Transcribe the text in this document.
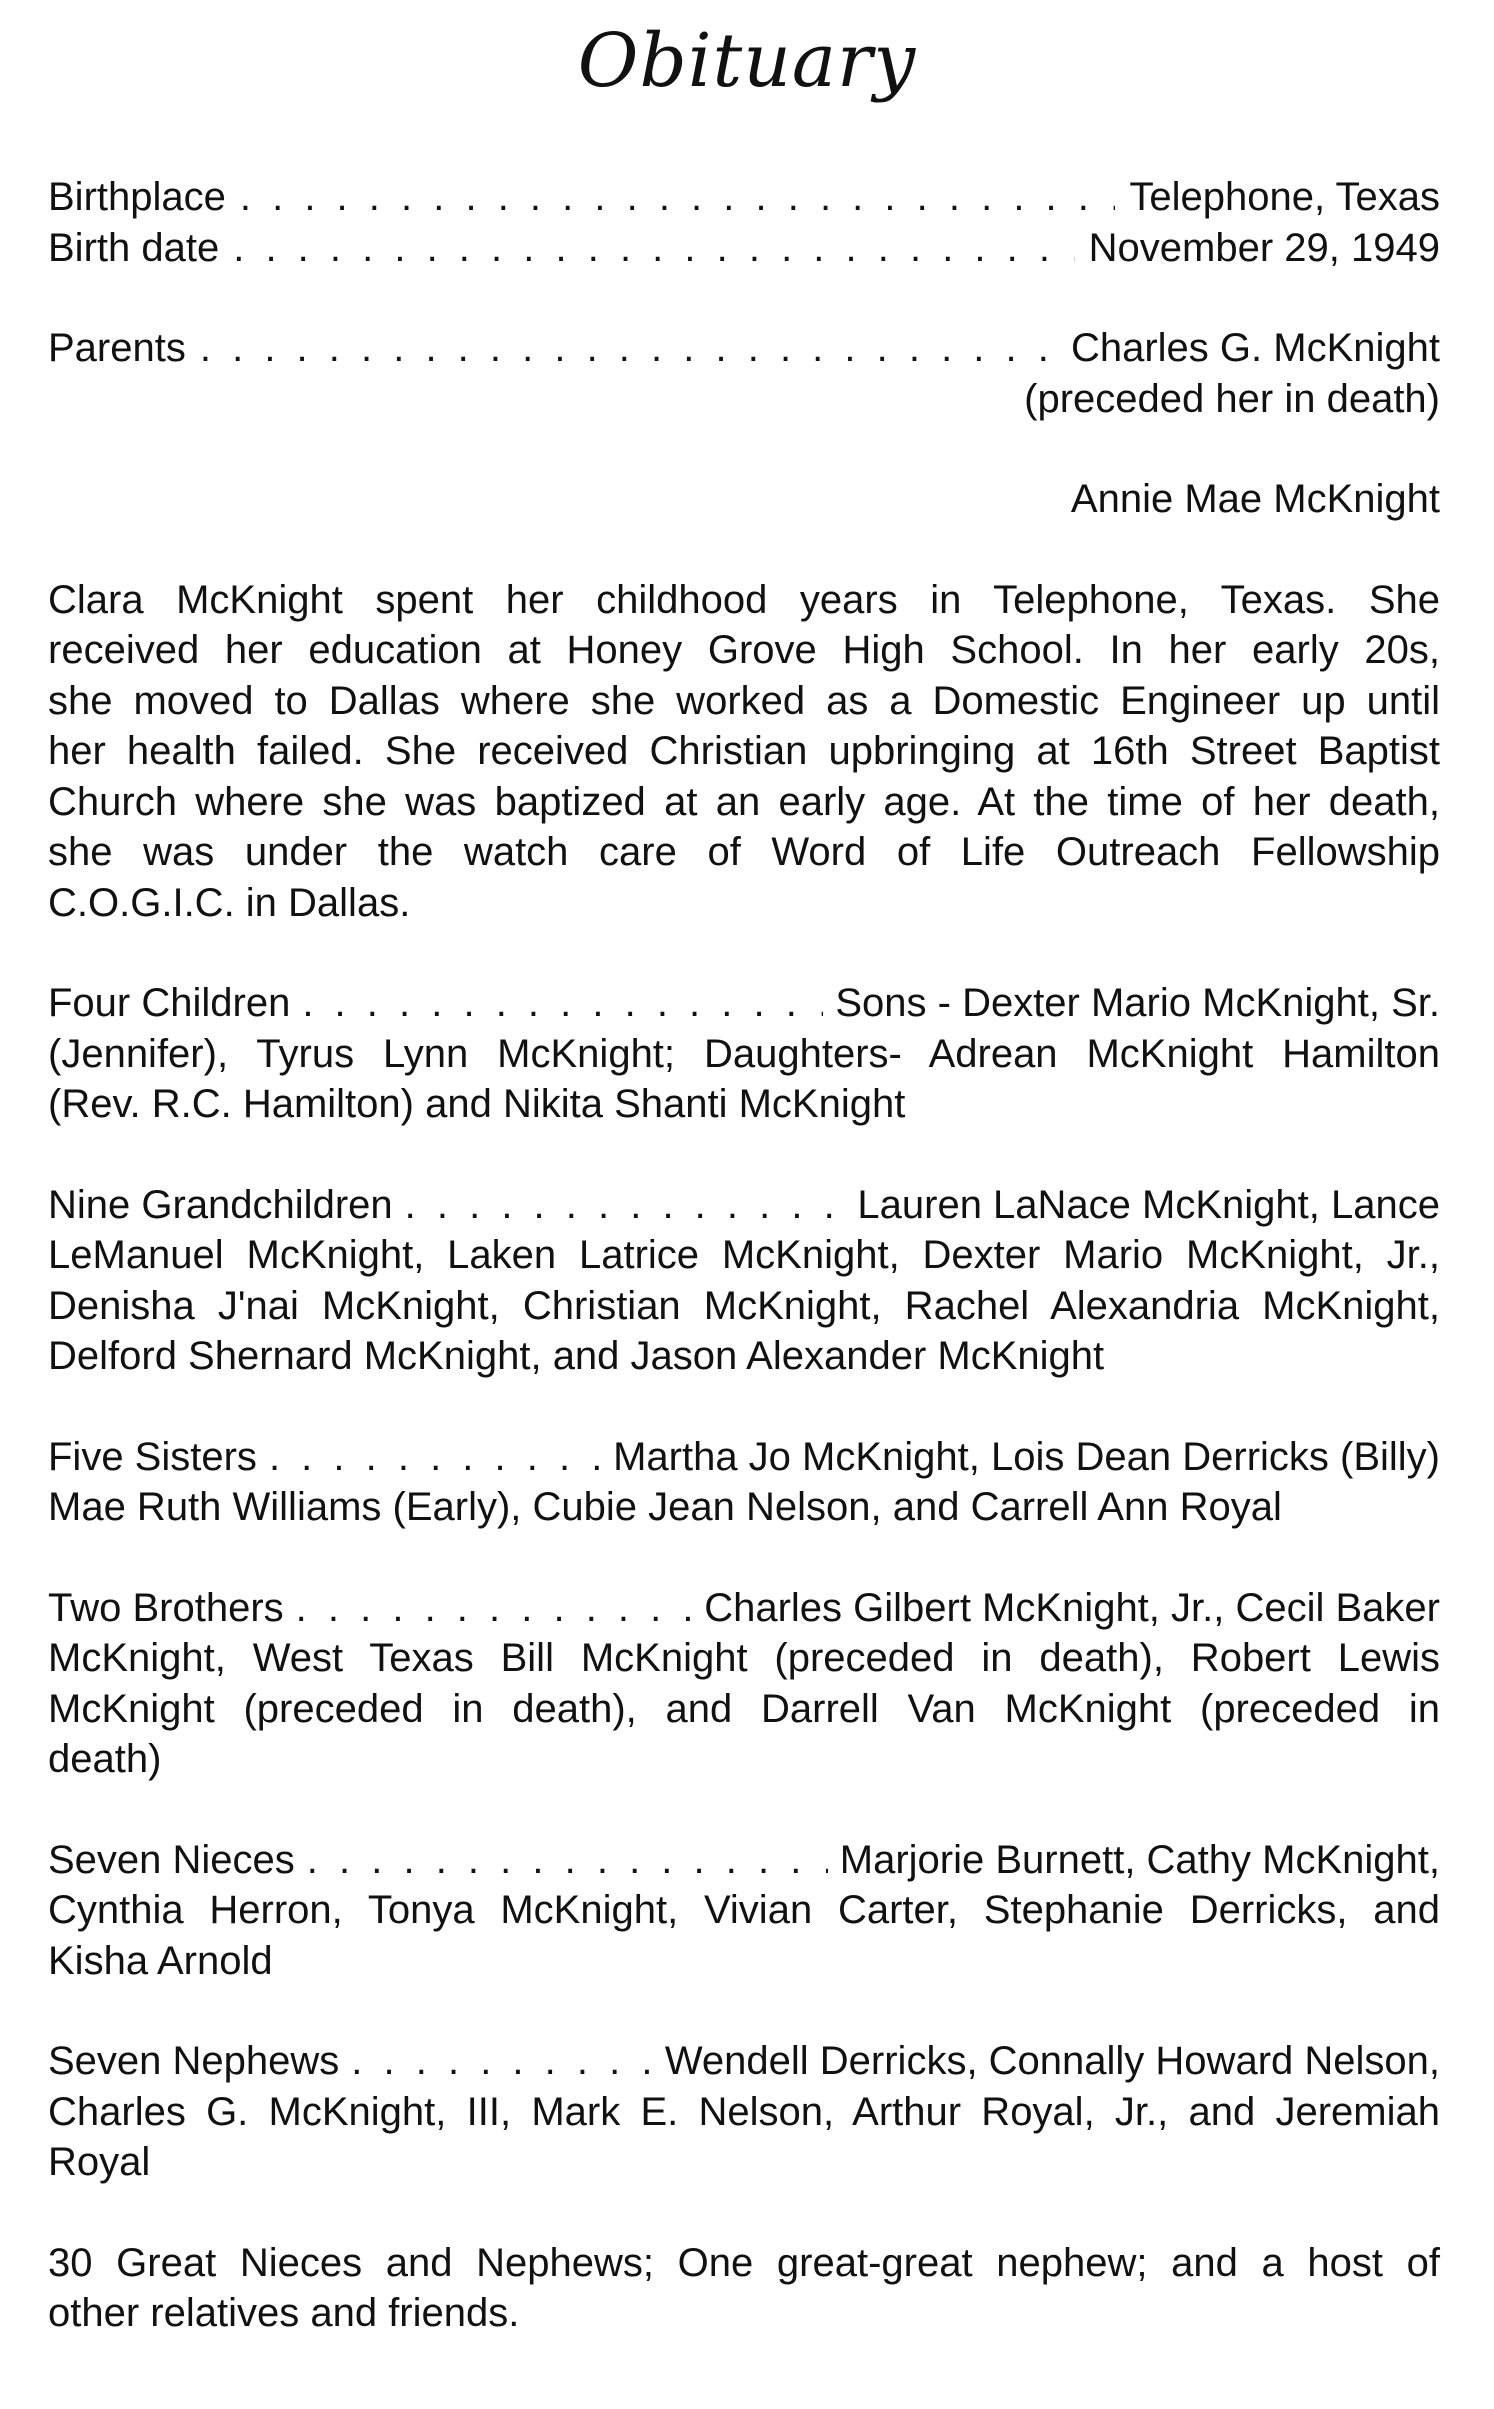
Obituary
Birthplace . . .	Telephone, Texas
Birth date . . .	November 29, 1949
Parents . . .	Charles G. McKnight
(preceded her in death)
Annie Mae McKnight
Clara McKnight spent her childhood years in Telephone, Texas. She
received her education at Honey Grove High School. In her early 20s,
she moved to Dallas where she worked as a Domestic Engineer up until
her health failed. She received Christian upbringing at 16th Street Baptist
Church where she was baptized at an early age. At the time of her death,
she was under the watch care of Word of Life Outreach Fellowship
C.O.G.I.C. in Dallas.
Four Children . . .	Sons - Dexter Mario McKnight, Sr.
(Jennifer), Tyrus Lynn McKnight; Daughters- Adrean McKnight Hamilton
(Rev. R.C. Hamilton) and Nikita Shanti McKnight
Nine Grandchildren . . .	Lauren LaNace McKnight, Lance
LeManuel McKnight, Laken Latrice McKnight, Dexter Mario McKnight, Jr.,
Denisha J'nai McKnight, Christian McKnight, Rachel Alexandria McKnight,
Delford Shernard McKnight, and Jason Alexander McKnight
Five Sisters . . .	Martha Jo McKnight, Lois Dean Derricks (Billy)
Mae Ruth Williams (Early), Cubie Jean Nelson, and Carrell Ann Royal
Two Brothers . . .	Charles Gilbert McKnight, Jr., Cecil Baker
McKnight, West Texas Bill McKnight (preceded in death), Robert Lewis
McKnight (preceded in death), and Darrell Van McKnight (preceded in
death)
Seven Nieces . . .	Marjorie Burnett, Cathy McKnight,
Cynthia Herron, Tonya McKnight, Vivian Carter, Stephanie Derricks, and
Kisha Arnold
Seven Nephews . . .	Wendell Derricks, Connally Howard Nelson,
Charles G. McKnight, III, Mark E. Nelson, Arthur Royal, Jr., and Jeremiah
Royal
30 Great Nieces and Nephews; One great-great nephew; and a host of
other relatives and friends.
